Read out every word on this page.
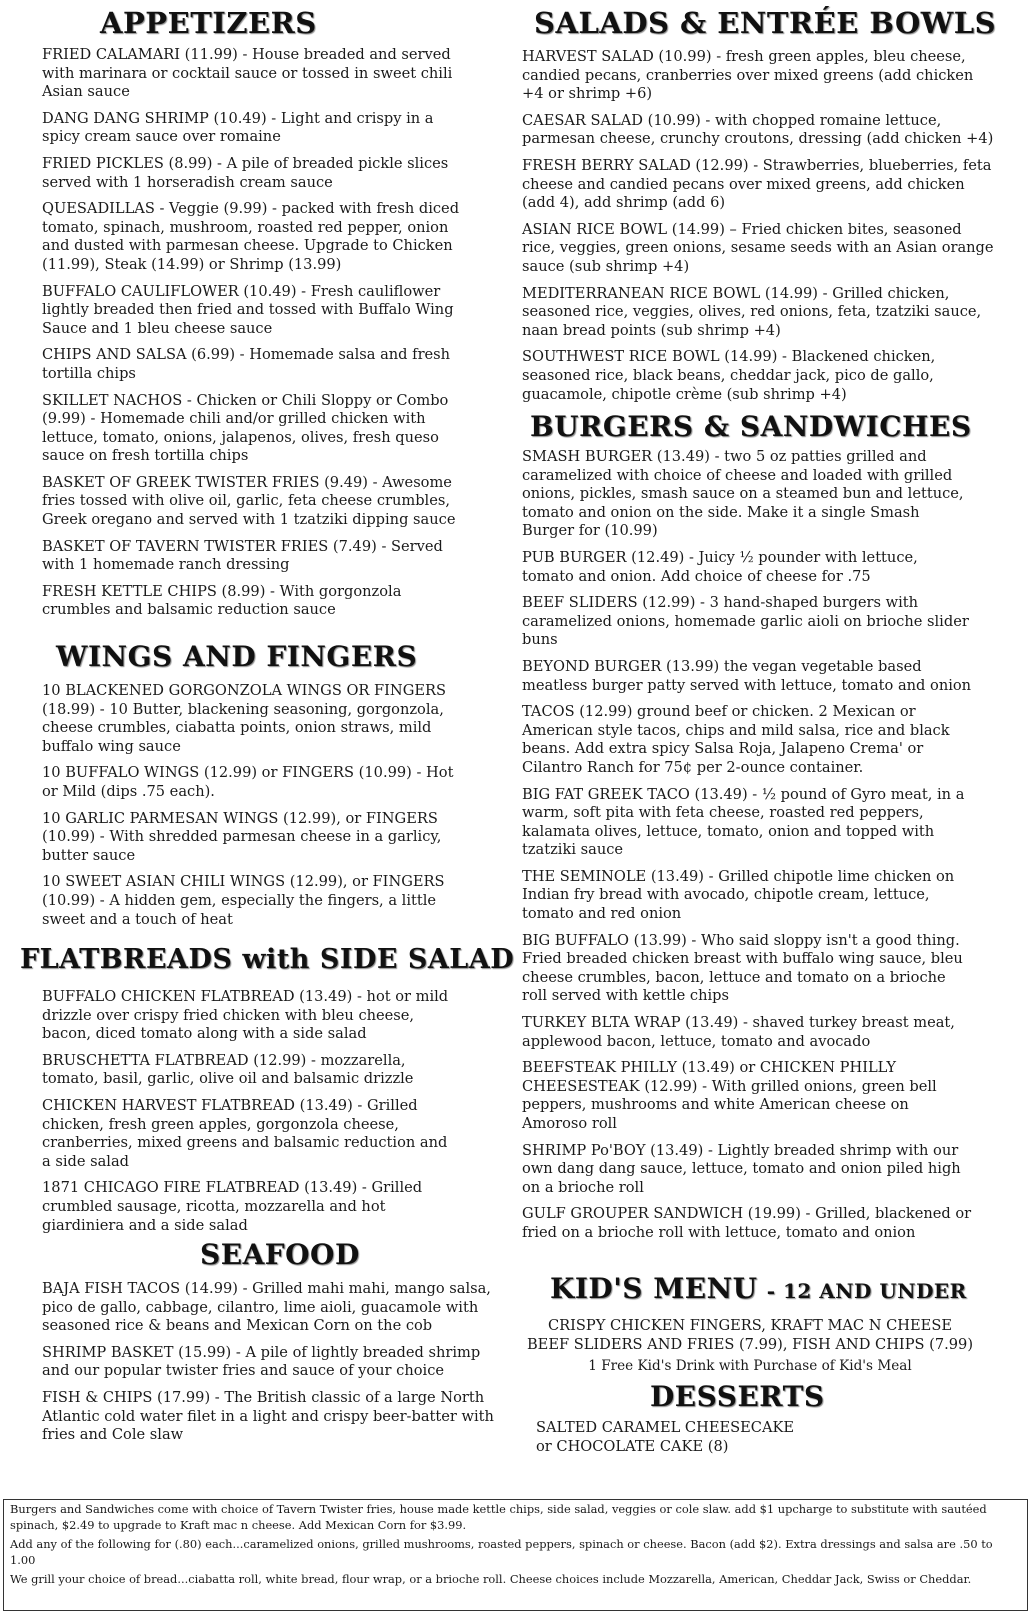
APPETIZERS
FRIED CALAMARI (11.99) - House breaded and served with marinara or cocktail sauce or tossed in sweet chili Asian sauce
DANG DANG SHRIMP (10.49) - Light and crispy in a spicy cream sauce over romaine
FRIED PICKLES (8.99) - A pile of breaded pickle slices served with 1 horseradish cream sauce
QUESADILLAS - Veggie (9.99) - packed with fresh diced tomato, spinach, mushroom, roasted red pepper, onion and dusted with parmesan cheese. Upgrade to Chicken (11.99), Steak (14.99) or Shrimp (13.99)
BUFFALO CAULIFLOWER (10.49) - Fresh cauliflower lightly breaded then fried and tossed with Buffalo Wing Sauce and 1 bleu cheese sauce
CHIPS AND SALSA (6.99) - Homemade salsa and fresh tortilla chips
SKILLET NACHOS - Chicken or Chili Sloppy or Combo (9.99) - Homemade chili and/or grilled chicken with lettuce, tomato, onions, jalapenos, olives, fresh queso sauce on fresh tortilla chips
BASKET OF GREEK TWISTER FRIES (9.49) - Awesome fries tossed with olive oil, garlic, feta cheese crumbles, Greek oregano and served with 1 tzatziki dipping sauce
BASKET OF TAVERN TWISTER FRIES (7.49) - Served with 1 homemade ranch dressing
FRESH KETTLE CHIPS (8.99) - With gorgonzola crumbles and balsamic reduction sauce
WINGS AND FINGERS
10 BLACKENED GORGONZOLA WINGS OR FINGERS (18.99) - 10 Butter, blackening seasoning, gorgonzola, cheese crumbles, ciabatta points, onion straws, mild buffalo wing sauce
10 BUFFALO WINGS (12.99) or FINGERS (10.99) - Hot or Mild (dips .75 each).
10 GARLIC PARMESAN WINGS (12.99), or FINGERS (10.99) - With shredded parmesan cheese in a garlicy, butter sauce
10 SWEET ASIAN CHILI WINGS (12.99), or FINGERS (10.99) - A hidden gem, especially the fingers, a little sweet and a touch of heat
FLATBREADS with SIDE SALAD
BUFFALO CHICKEN FLATBREAD (13.49) - hot or mild drizzle over crispy fried chicken with bleu cheese, bacon, diced tomato along with a side salad
BRUSCHETTA FLATBREAD (12.99) - mozzarella, tomato, basil, garlic, olive oil and balsamic drizzle
CHICKEN HARVEST FLATBREAD (13.49) - Grilled chicken, fresh green apples, gorgonzola cheese, cranberries, mixed greens and balsamic reduction and a side salad
1871 CHICAGO FIRE FLATBREAD (13.49) - Grilled crumbled sausage, ricotta, mozzarella and hot giardiniera and a side salad
SEAFOOD
BAJA FISH TACOS (14.99) - Grilled mahi mahi, mango salsa, pico de gallo, cabbage, cilantro, lime aioli, guacamole with seasoned rice & beans and Mexican Corn on the cob
SHRIMP BASKET (15.99) - A pile of lightly breaded shrimp and our popular twister fries and sauce of your choice
FISH & CHIPS (17.99) - The British classic of a large North Atlantic cold water filet in a light and crispy beer-batter with fries and Cole slaw
SALADS & ENTRÉE BOWLS
HARVEST SALAD (10.99) - fresh green apples, bleu cheese, candied pecans, cranberries over mixed greens (add chicken +4 or shrimp +6)
CAESAR SALAD (10.99) - with chopped romaine lettuce, parmesan cheese, crunchy croutons, dressing (add chicken +4)
FRESH BERRY SALAD (12.99) - Strawberries, blueberries, feta cheese and candied pecans over mixed greens, add chicken (add 4), add shrimp (add 6)
ASIAN RICE BOWL (14.99) – Fried chicken bites, seasoned rice, veggies, green onions, sesame seeds with an Asian orange sauce (sub shrimp +4)
MEDITERRANEAN RICE BOWL (14.99) - Grilled chicken, seasoned rice, veggies, olives, red onions, feta, tzatziki sauce, naan bread points (sub shrimp +4)
SOUTHWEST RICE BOWL (14.99) - Blackened chicken, seasoned rice, black beans, cheddar jack, pico de gallo, guacamole, chipotle crème (sub shrimp +4)
BURGERS & SANDWICHES
SMASH BURGER (13.49) - two 5 oz patties grilled and caramelized with choice of cheese and loaded with grilled onions, pickles, smash sauce on a steamed bun and lettuce, tomato and onion on the side. Make it a single Smash Burger for (10.99)
PUB BURGER (12.49) - Juicy ½ pounder with lettuce, tomato and onion. Add choice of cheese for .75
BEEF SLIDERS (12.99) - 3 hand-shaped burgers with caramelized onions, homemade garlic aioli on brioche slider buns
BEYOND BURGER (13.99) the vegan vegetable based meatless burger patty served with lettuce, tomato and onion
TACOS (12.99) ground beef or chicken. 2 Mexican or American style tacos, chips and mild salsa, rice and black beans. Add extra spicy Salsa Roja, Jalapeno Crema' or Cilantro Ranch for 75¢ per 2-ounce container.
BIG FAT GREEK TACO (13.49) - ½ pound of Gyro meat, in a warm, soft pita with feta cheese, roasted red peppers, kalamata olives, lettuce, tomato, onion and topped with tzatziki sauce
THE SEMINOLE (13.49) - Grilled chipotle lime chicken on Indian fry bread with avocado, chipotle cream, lettuce, tomato and red onion
BIG BUFFALO (13.99) - Who said sloppy isn't a good thing. Fried breaded chicken breast with buffalo wing sauce, bleu cheese crumbles, bacon, lettuce and tomato on a brioche roll served with kettle chips
TURKEY BLTA WRAP (13.49) - shaved turkey breast meat, applewood bacon, lettuce, tomato and avocado
BEEFSTEAK PHILLY (13.49) or CHICKEN PHILLY CHEESESTEAK (12.99) - With grilled onions, green bell peppers, mushrooms and white American cheese on Amoroso roll
SHRIMP Po'BOY (13.49) - Lightly breaded shrimp with our own dang dang sauce, lettuce, tomato and onion piled high on a brioche roll
GULF GROUPER SANDWICH (19.99) - Grilled, blackened or fried on a brioche roll with lettuce, tomato and onion
KID'S MENU - 12 AND UNDER
CRISPY CHICKEN FINGERS, KRAFT MAC N CHEESE
BEEF SLIDERS AND FRIES (7.99), FISH AND CHIPS (7.99)
1 Free Kid's Drink with Purchase of Kid's Meal
DESSERTS
SALTED CARAMEL CHEESECAKE
or CHOCOLATE CAKE (8)

Burgers and Sandwiches come with choice of Tavern Twister fries, house made kettle chips, side salad, veggies or cole slaw. add $1 upcharge to substitute with sautéed spinach, $2.49 to upgrade to Kraft mac n cheese. Add Mexican Corn for $3.99.

Add any of the following for (.80) each...caramelized onions, grilled mushrooms, roasted peppers, spinach or cheese. Bacon (add $2). Extra dressings and salsa are .50 to 1.00

We grill your choice of bread...ciabatta roll, white bread, flour wrap, or a brioche roll. Cheese choices include Mozzarella, American, Cheddar Jack, Swiss or Cheddar.
